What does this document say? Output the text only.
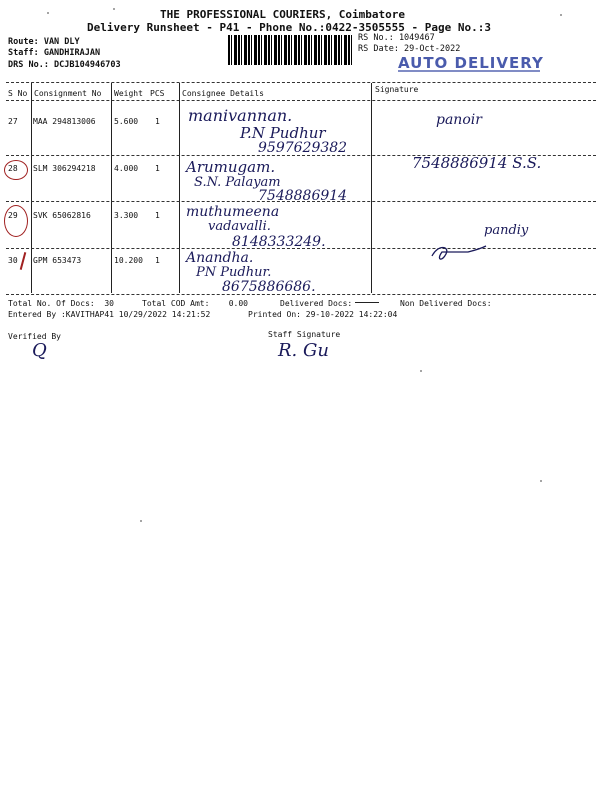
THE PROFESSIONAL COURIERS, Coimbatore
Delivery Runsheet - P41 - Phone No.:0422-3505555 - Page No.:3
Route: VAN DLY
Staff: GANDHIRAJAN
DRS No.: DCJB104946703
RS No.: 1049467
RS Date: 29-Oct-2022
AUTO DELIVERY
S No Consignment No Weight PCS Consignee Details	Signature
27 MAA 294813006 5.600 1 manivannan.
P.N Pudhur
9597629382
panoir
28 SLM 306294218 4.000 1 Arumugam.
S.N. Palayam
7548886914
7548886914 S.S.
29 SVK 65062816	3.300 1 muthumeena
vadavalli.
8148333249.
pandiy
30 GPM 653473	10.200 1 Anandha.
PN Pudhur.
8675886686.
Total No. Of Docs:  30	Total COD Amt:    0.00	Delivered Docs:	Non Delivered Docs:
Entered By :KAVITHAP41 10/29/2022 14:21:52	Printed On: 29-10-2022 14:22:04
Verified By	Staff Signature
Q	R. Gu
